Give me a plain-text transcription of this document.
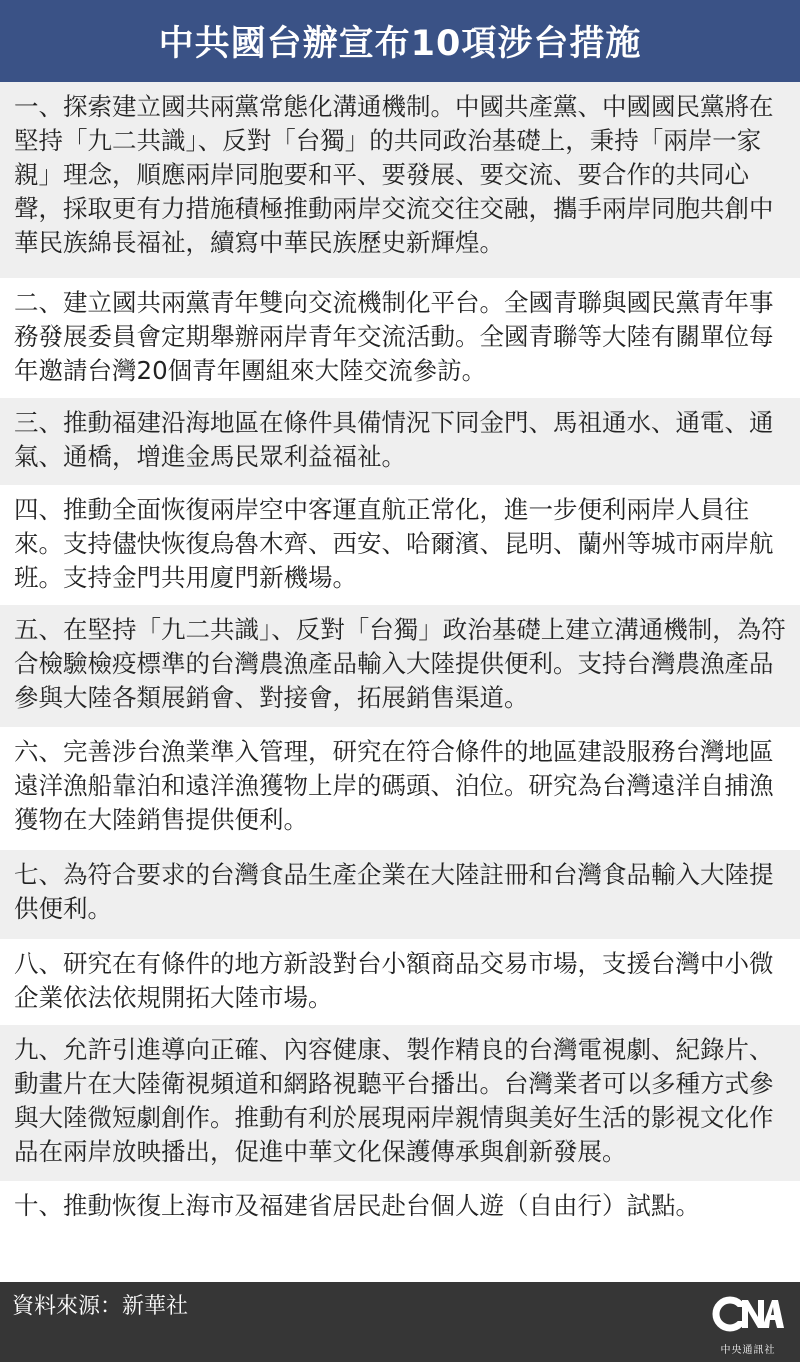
中共國台辦宣布10項涉台措施
一、探索建立國共兩黨常態化溝通機制。中國共產黨、中國國民黨將在堅持「九二共識」、反對「台獨」的共同政治基礎上，秉持「兩岸一家親」理念，順應兩岸同胞要和平、要發展、要交流、要合作的共同心聲，採取更有力措施積極推動兩岸交流交往交融，攜手兩岸同胞共創中華民族綿長福祉，續寫中華民族歷史新輝煌。
二、建立國共兩黨青年雙向交流機制化平台。全國青聯與國民黨青年事務發展委員會定期舉辦兩岸青年交流活動。全國青聯等大陸有關單位每年邀請台灣20個青年團組來大陸交流參訪。
三、推動福建沿海地區在條件具備情況下同金門、馬祖通水、通電、通氣、通橋，增進金馬民眾利益福祉。
四、推動全面恢復兩岸空中客運直航正常化，進一步便利兩岸人員往來。支持儘快恢復烏魯木齊、西安、哈爾濱、昆明、蘭州等城市兩岸航班。支持金門共用廈門新機場。
五、在堅持「九二共識」、反對「台獨」政治基礎上建立溝通機制，為符合檢驗檢疫標準的台灣農漁產品輸入大陸提供便利。支持台灣農漁產品參與大陸各類展銷會、對接會，拓展銷售渠道。
六、完善涉台漁業準入管理，研究在符合條件的地區建設服務台灣地區遠洋漁船靠泊和遠洋漁獲物上岸的碼頭、泊位。研究為台灣遠洋自捕漁獲物在大陸銷售提供便利。
七、為符合要求的台灣食品生產企業在大陸註冊和台灣食品輸入大陸提供便利。
八、研究在有條件的地方新設對台小額商品交易市場，支援台灣中小微企業依法依規開拓大陸市場。
九、允許引進導向正確、內容健康、製作精良的台灣電視劇、紀錄片、動畫片在大陸衛視頻道和網路視聽平台播出。台灣業者可以多種方式參與大陸微短劇創作。推動有利於展現兩岸親情與美好生活的影視文化作品在兩岸放映播出，促進中華文化保護傳承與創新發展。
十、推動恢復上海市及福建省居民赴台個人遊（自由行）試點。
資料來源：新華社
中央通訊社
